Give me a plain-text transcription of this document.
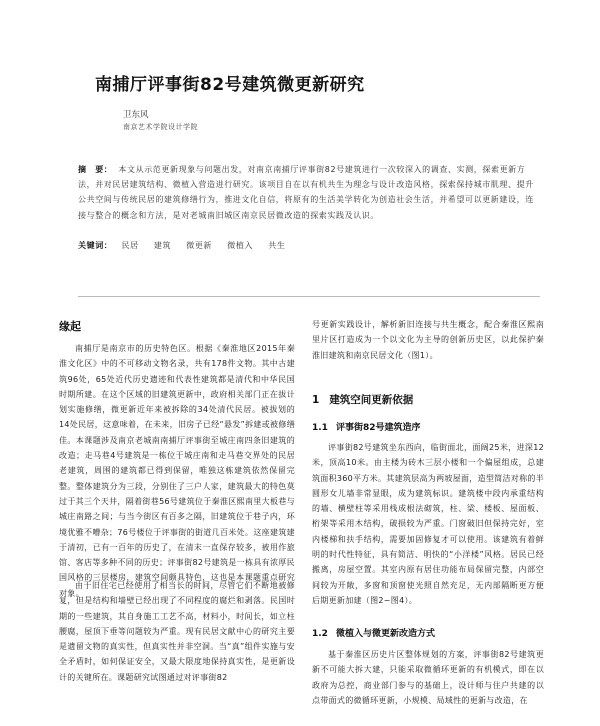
南捕厅评事街82号建筑微更新研究
卫东风
南京艺术学院设计学院
摘　要： 本文从示范更新现象与问题出发，对南京南捕厅评事街82号建筑进行一次较深入的调查、实测，探索更新方法，并对民居建筑结构、微植入营造进行研究。该项目自在以有机共生为理念与设计改造风格，探索保持城市肌理、提升公共空间与传统民居的建筑修缮行为，推进文化自信，将原有的生活美学转化为创造社会生活，并希望可以更新建设，连接与整合的概念和方法，是对老城南旧城区南京民居微改造的探索实践及认识。
关键词： 民居 建筑 微更新 微植入 共生
缘起

南捕厅是南京市的历史特色区。根据《秦淮地区2015年秦淮文化区》中的不可移动文物名录，共有178件文物。其中古建筑96处，65处近代历史遗迹和代表性建筑都是清代和中华民国时期所建。在这个区域的旧建筑更新中，政府相关部门正在拔计划实施修缮，微更新近年来被拆除的34处清代民居。被拔划的14处民居，这意味着，在未来，旧房子已经“悬发”拆建或被修缮佳。本课题涉及南京老城南南捕厅评事街至城庄南四条旧建筑的改造；走马巷4号建筑是一栋位于城庄南和走马巷交界处的民居老建筑，周围的建筑都已得到保留，唯独这栋建筑依然保留完整。整体建筑分为三段，分别住了三户人家，建筑最大的特色莫过于其三个天井，隔着街巷56号建筑位于秦淮区熙南里大板巷与城庄南路之间；与当今街区有百多之隔，旧建筑位于巷子内，环境优雅不嘈杂；76号楼位于评事街的街道几百米处。这座建筑建于清初，已有一百年的历史了，在清末一直保存较多，被用作旅馆、客店等多种不同的历史；评事街82号建筑是一栋具有浓厚民国风格的三层楼房，建筑空间颇具特色，这也是本课题重点研究对象。

由于旧住宅已经使用了相当长的时间，尽管它们不断地被修复，但是结构和墙壁已经出现了不同程度的腐烂和剥落。民国时期的一些建筑，其自身施工工艺不高，材料小，时间长，如立柱腰腐，屋顶下垂等问题较为严重。现有民居文献中心的研究主要是遗留文物的真实性，但真实性并非空洞。当“真”组件实施与安全矛盾时，如何保证安全，又最大限度地保持真实性，是更新设计的关键所在。课题研究试图通过对评事街82

号更新实践设计，解析新旧连接与共生概念，配合秦淮区熙南里片区打造成为一个以文化为主导的创新历史区，以此保护秦淮旧建筑和南京民居文化（图1）。

1 建筑空间更新依据
1.1 评事街82号建筑造序

评事街82号建筑坐东西向，临街面北，面阔25米，进深12米，顶高10米。由主楼为砖木三层小楼和一个偏屋组成，总建筑面积360平方米。其建筑层高为两坡屋面，造型简洁对称的半圆形女儿墙非常显眼，成为建筑标识。建筑楼中段内承重结构的墙、横壁柱等采用栈成根法砌筑，柱、梁、楼板、屋面板、桁架等采用木结构，破损较为严重。门窗破旧但保持完好，室内楼梯和扶手结构，需要加固修复才可以使用。该建筑有着鲜明的时代性特征，具有简洁、明快的“小洋楼”风格。居民已经搬离，房屋空置。其室内原有居住功能布局保留完整，内部空间较为开敞，多窗和顶窗使光照自然充足，无内部隔断更方便后期更新加建（图2~图4）。

1.2 微植入与微更新改造方式

基于秦淮区历史片区整体规划的方案，评事街82号建筑更新不可能大拆大建，只能采取微循环更新的有机模式，即在以政府为总控，商业部门参与的基础上，设计师与住户共建的以点带面式的微循环更新，小规模、局域性的更新与改造，在
